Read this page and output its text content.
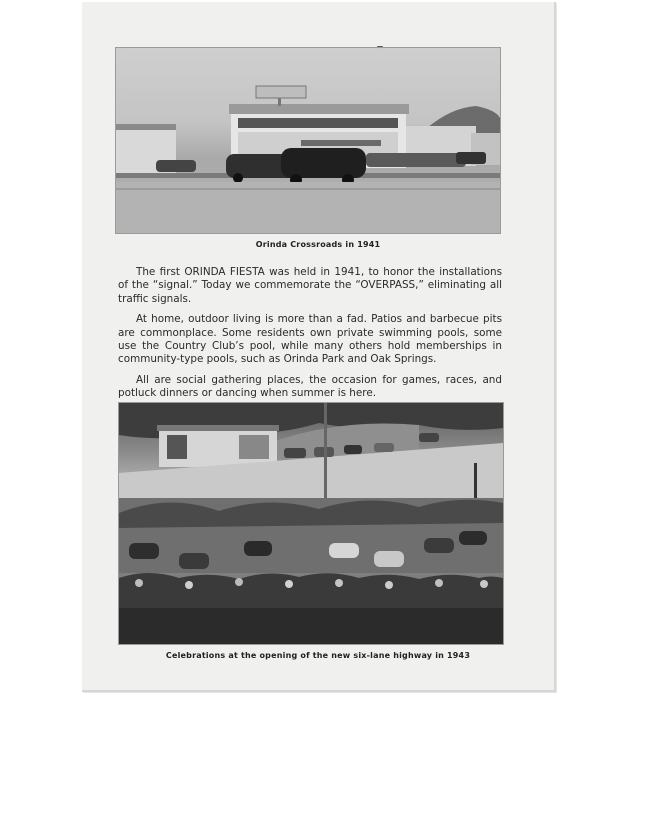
Orinda Crossroads in 1941

The first ORINDA FIESTA was held in 1941, to honor the installations of the “signal.” Today we commemorate the “OVERPASS,” eliminating all traffic signals.

At home, outdoor living is more than a fad. Patios and barbecue pits are commonplace. Some residents own private swimming pools, some use the Country Club’s pool, while many others hold memberships in community-type pools, such as Orinda Park and Oak Springs.

All are social gathering places, the occasion for games, races, and potluck dinners or dancing when summer is here.

Celebrations at the opening of the new six-lane highway in 1943
